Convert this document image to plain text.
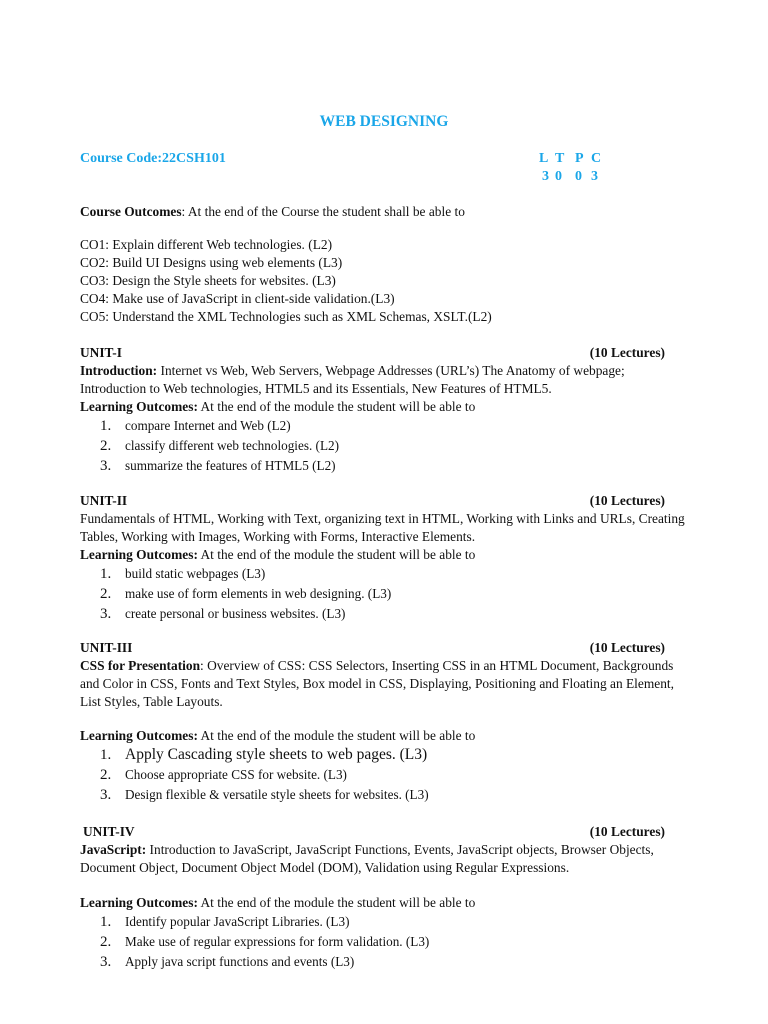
WEB DESIGNING
Course Code:22CSH101	L T P C
3 0 0 3
Course Outcomes: At the end of the Course the student shall be able to
CO1: Explain different Web technologies. (L2)
CO2: Build UI Designs using web elements (L3)
CO3: Design the Style sheets for websites. (L3)
CO4: Make use of JavaScript in client-side validation.(L3)
CO5: Understand the XML Technologies such as XML Schemas, XSLT.(L2)
UNIT-I	(10 Lectures)
Introduction: Internet vs Web, Web Servers, Webpage Addresses (URL’s) The Anatomy of webpage; Introduction to Web technologies, HTML5 and its Essentials, New Features of HTML5.
Learning Outcomes: At the end of the module the student will be able to
1. compare Internet and Web (L2)
2. classify different web technologies. (L2)
3. summarize the features of HTML5 (L2)
UNIT-II	(10 Lectures)
Fundamentals of HTML, Working with Text, organizing text in HTML, Working with Links and URLs, Creating Tables, Working with Images, Working with Forms, Interactive Elements.
Learning Outcomes: At the end of the module the student will be able to
1. build static webpages (L3)
2. make use of form elements in web designing. (L3)
3. create personal or business websites. (L3)
UNIT-III	(10 Lectures)
CSS for Presentation: Overview of CSS: CSS Selectors, Inserting CSS in an HTML Document, Backgrounds and Color in CSS, Fonts and Text Styles, Box model in CSS, Displaying, Positioning and Floating an Element, List Styles, Table Layouts.
Learning Outcomes: At the end of the module the student will be able to
1. Apply Cascading style sheets to web pages. (L3)
2. Choose appropriate CSS for website. (L3)
3. Design flexible & versatile style sheets for websites. (L3)
UNIT-IV	(10 Lectures)
JavaScript: Introduction to JavaScript, JavaScript Functions, Events, JavaScript objects, Browser Objects, Document Object, Document Object Model (DOM), Validation using Regular Expressions.
Learning Outcomes: At the end of the module the student will be able to
1. Identify popular JavaScript Libraries. (L3)
2. Make use of regular expressions for form validation. (L3)
3. Apply java script functions and events (L3)
